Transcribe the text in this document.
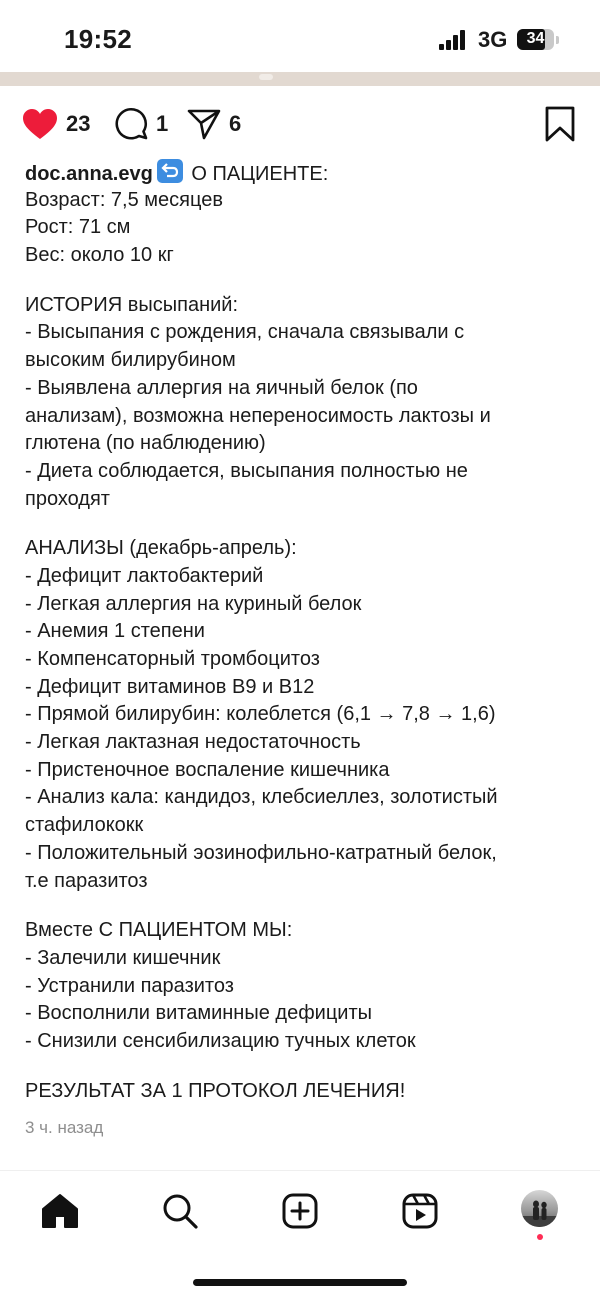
19:52	3G	34
23	1	6
doc.anna.evg О ПАЦИЕНТЕ:
Возраст: 7,5 месяцев
Рост: 71 см
Вес: около 10 кг
ИСТОРИЯ высыпаний:
- Высыпания с рождения, сначала связывали с
высоким билирубином
- Выявлена аллергия на яичный белок (по
анализам), возможна непереносимость лактозы и
глютена (по наблюдению)
- Диета соблюдается, высыпания полностью не
проходят
АНАЛИЗЫ (декабрь-апрель):
- Дефицит лактобактерий
- Легкая аллергия на куриный белок
- Анемия 1 степени
- Компенсаторный тромбоцитоз
- Дефицит витаминов В9 и В12
- Прямой билирубин: колеблется (6,1 → 7,8 → 1,6)
- Легкая лактазная недостаточность
- Пристеночное воспаление кишечника
- Анализ кала: кандидоз, клебсиеллез, золотистый
стафилококк
- Положительный эозинофильно-катратный белок,
т.е паразитоз
Вместе С ПАЦИЕНТОМ МЫ:
- Залечили кишечник
- Устранили паразитоз
- Восполнили витаминные дефициты
- Снизили сенсибилизацию тучных клеток
РЕЗУЛЬТАТ ЗА 1 ПРОТОКОЛ ЛЕЧЕНИЯ!
3 ч. назад
